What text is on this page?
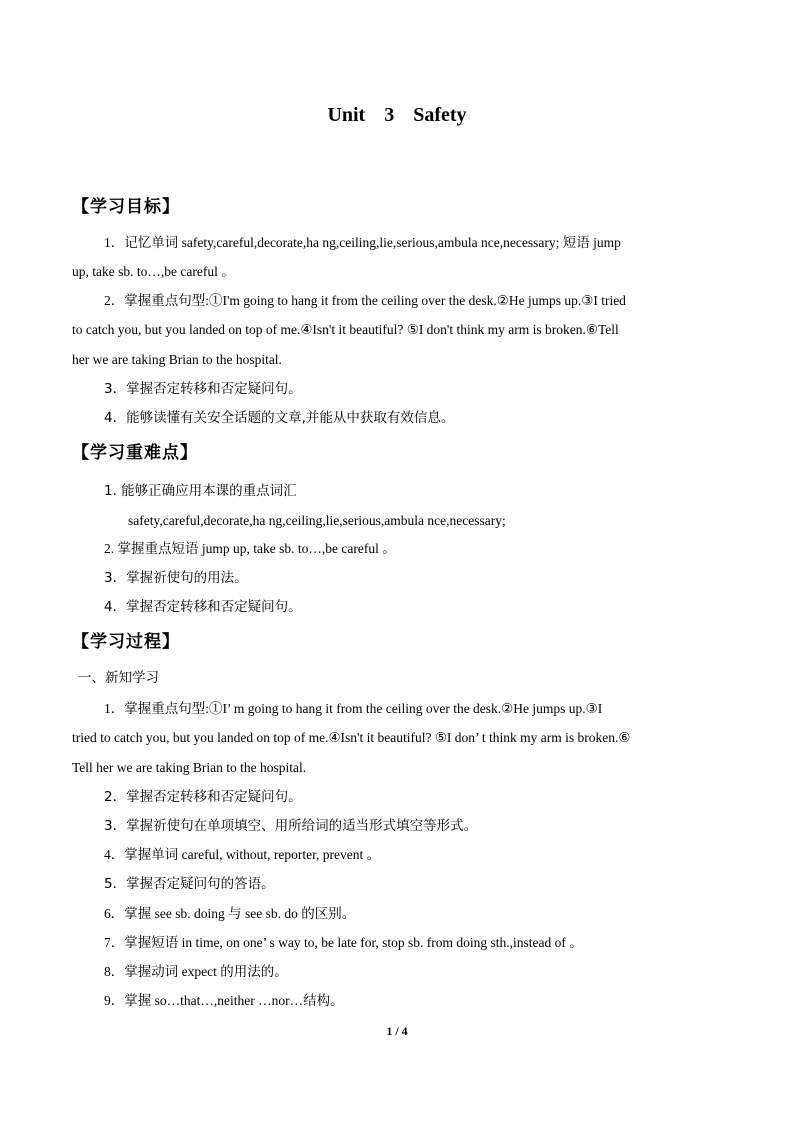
Unit 3 Safety
【学习目标】
1．记忆单词 safety,careful,decorate,ha ng,ceiling,lie,serious,ambula nce,necessary; 短语 jump
up, take sb. to…,be careful 。
2．掌握重点句型:①I'm going to hang it from the ceiling over the desk.②He jumps up.③I tried
to catch you, but you landed on top of me.④Isn't it beautiful? ⑤I don't think my arm is broken.⑥Tell
her we are taking Brian to the hospital.
3．掌握否定转移和否定疑问句。
4．能够读懂有关安全话题的文章,并能从中获取有效信息。
【学习重难点】
1. 能够正确应用本课的重点词汇
safety,careful,decorate,ha ng,ceiling,lie,serious,ambula nce,necessary;
2. 掌握重点短语 jump up, take sb. to…,be careful 。
3．掌握祈使句的用法。
4．掌握否定转移和否定疑问句。
【学习过程】
一、新知学习
1．掌握重点句型:①I’ m going to hang it from the ceiling over the desk.②He jumps up.③I
tried to catch you, but you landed on top of me.④Isn't it beautiful? ⑤I don’ t think my arm is broken.⑥
Tell her we are taking Brian to the hospital.
2．掌握否定转移和否定疑问句。
3．掌握祈使句在单项填空、用所给词的适当形式填空等形式。
4．掌握单词 careful, without, reporter, prevent 。
5．掌握否定疑问句的答语。
6．掌握 see sb. doing 与 see sb. do 的区别。
7．掌握短语 in time, on one’ s way to, be late for, stop sb. from doing sth.,instead of 。
8．掌握动词 expect 的用法的。
9．掌握 so…that…,neither …nor…结构。
1 / 4
